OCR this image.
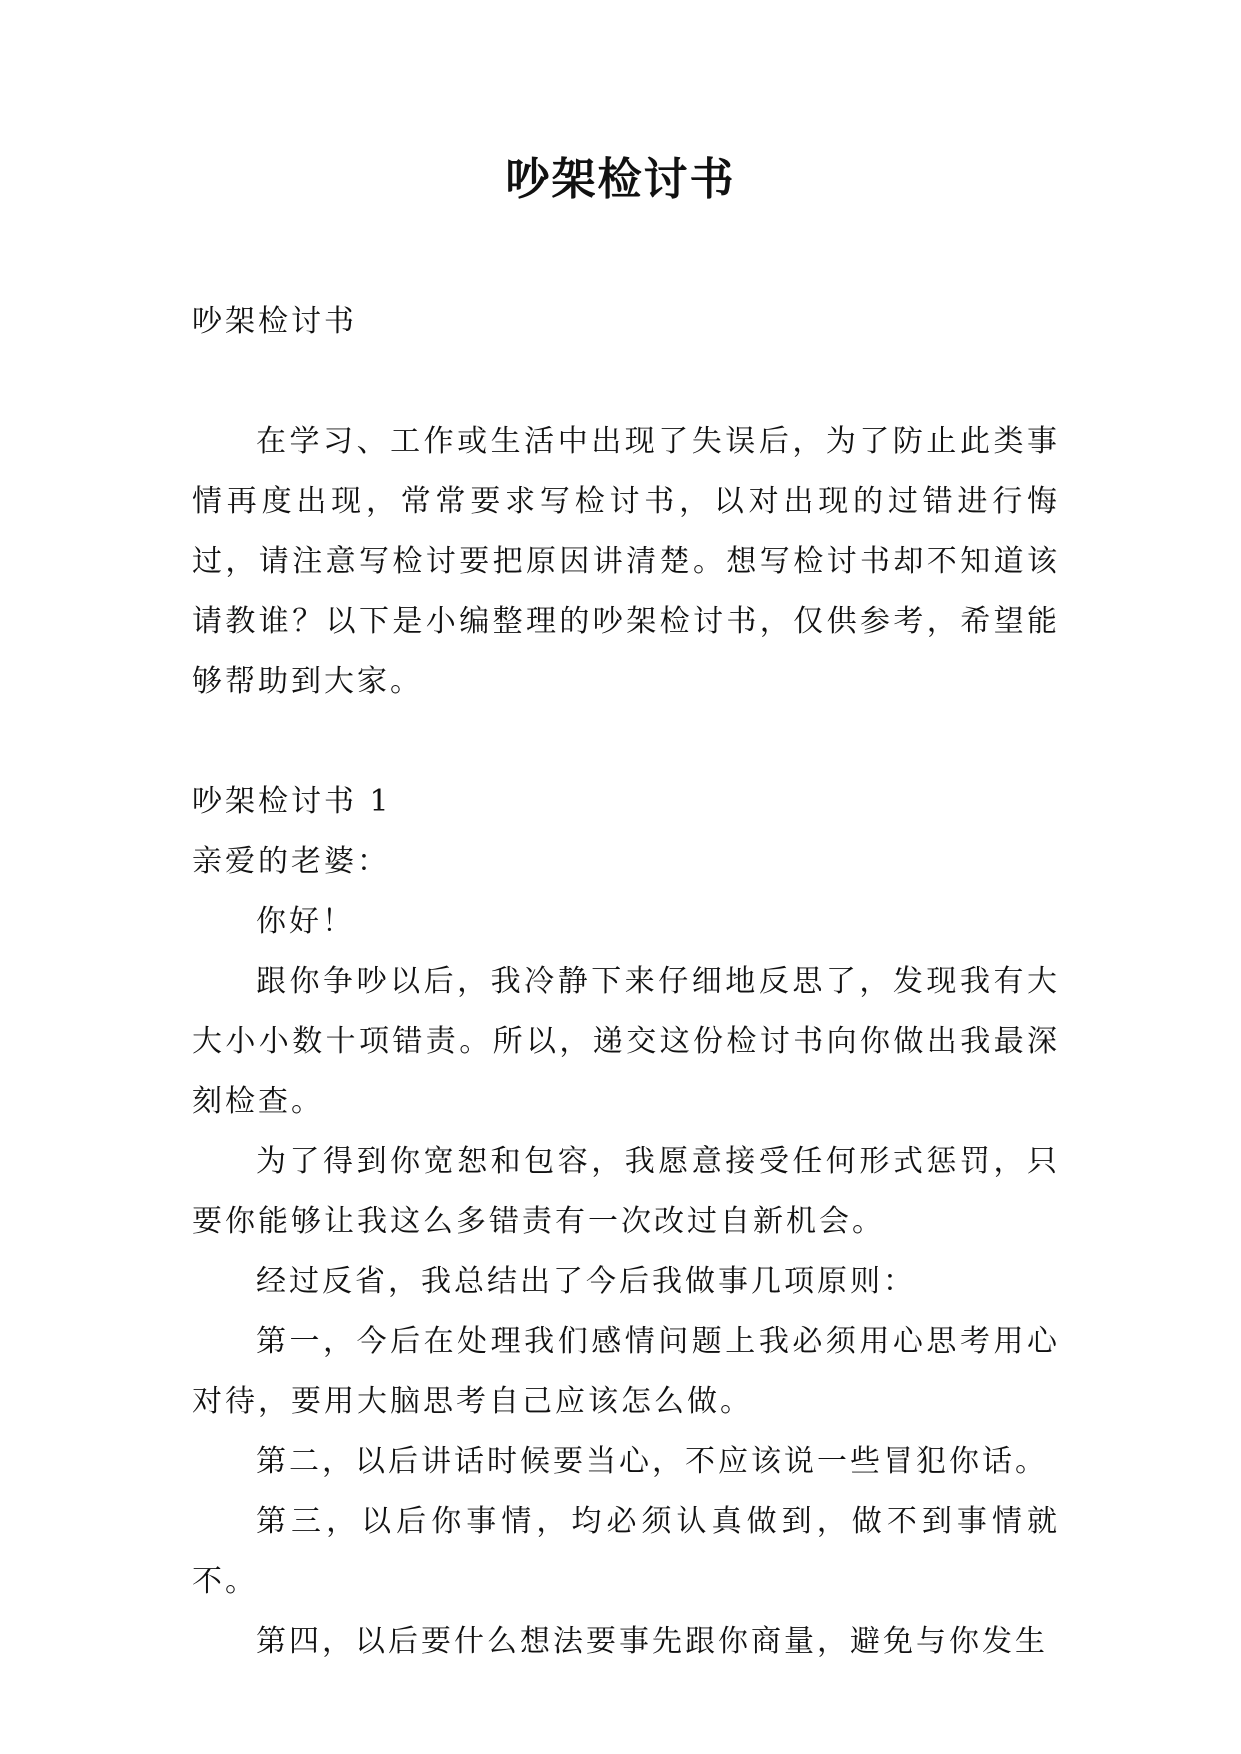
吵架检讨书

吵架检讨书

在学习、工作或生活中出现了失误后，为了防止此类事情再度出现，常常要求写检讨书，以对出现的过错进行悔过，请注意写检讨要把原因讲清楚。想写检讨书却不知道该请教谁？以下是小编整理的吵架检讨书，仅供参考，希望能够帮助到大家。

吵架检讨书 1

亲爱的老婆：

你好！

跟你争吵以后，我冷静下来仔细地反思了，发现我有大大小小数十项错责。所以，递交这份检讨书向你做出我最深刻检查。

为了得到你宽恕和包容，我愿意接受任何形式惩罚，只要你能够让我这么多错责有一次改过自新机会。

经过反省，我总结出了今后我做事几项原则：

第一，今后在处理我们感情问题上我必须用心思考用心对待，要用大脑思考自己应该怎么做。

第二，以后讲话时候要当心，不应该说一些冒犯你话。

第三，以后你事情，均必须认真做到，做不到事情就不。

第四，以后要什么想法要事先跟你商量，避免与你发生
